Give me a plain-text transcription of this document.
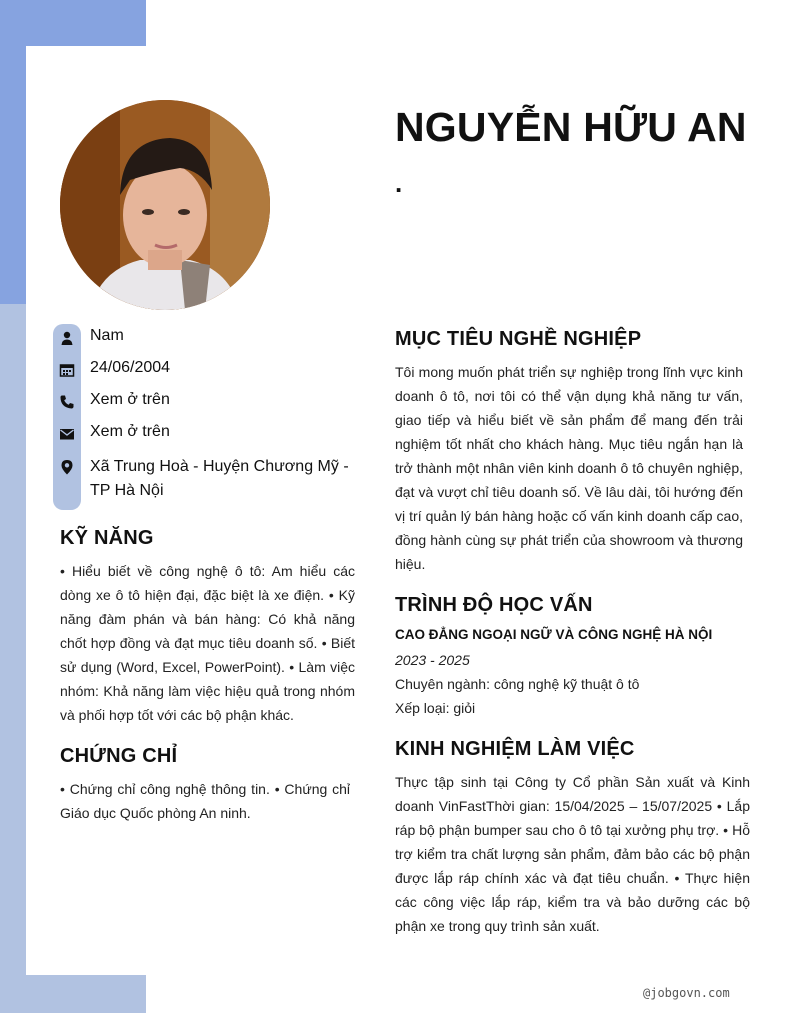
NGUYỄN HỮU AN
.
Nam
24/06/2004
Xem ở trên
Xem ở trên
Xã Trung Hoà - Huyện Chương Mỹ -
TP Hà Nội
KỸ NĂNG
• Hiểu biết về công nghệ ô tô: Am hiểu các dòng xe ô tô hiện đại, đặc biệt là xe điện. • Kỹ năng đàm phán và bán hàng: Có khả năng chốt hợp đồng và đạt mục tiêu doanh số. • Biết sử dụng (Word, Excel, PowerPoint). • Làm việc nhóm: Khả năng làm việc hiệu quả trong nhóm và phối hợp tốt với các bộ phận khác.
CHỨNG CHỈ
• Chứng chỉ công nghệ thông tin. • Chứng chỉ Giáo dục Quốc phòng An ninh.
MỤC TIÊU NGHỀ NGHIỆP
Tôi mong muốn phát triển sự nghiệp trong lĩnh vực kinh doanh ô tô, nơi tôi có thể vận dụng khả năng tư vấn, giao tiếp và hiểu biết về sản phẩm để mang đến trải nghiệm tốt nhất cho khách hàng. Mục tiêu ngắn hạn là trở thành một nhân viên kinh doanh ô tô chuyên nghiệp, đạt và vượt chỉ tiêu doanh số. Về lâu dài, tôi hướng đến vị trí quản lý bán hàng hoặc cố vấn kinh doanh cấp cao, đồng hành cùng sự phát triển của showroom và thương hiệu.
TRÌNH ĐỘ HỌC VẤN
CAO ĐẲNG NGOẠI NGỮ VÀ CÔNG NGHỆ HÀ NỘI
2023 - 2025
Chuyên ngành: công nghệ kỹ thuật ô tô
Xếp loại: giỏi
KINH NGHIỆM LÀM VIỆC
Thực tập sinh tại Công ty Cổ phần Sản xuất và Kinh doanh VinFastThời gian: 15/04/2025 – 15/07/2025 • Lắp ráp bộ phận bumper sau cho ô tô tại xưởng phụ trợ. • Hỗ trợ kiểm tra chất lượng sản phẩm, đảm bảo các bộ phận được lắp ráp chính xác và đạt tiêu chuẩn. • Thực hiện các công việc lắp ráp, kiểm tra và bảo dưỡng các bộ phận xe trong quy trình sản xuất.
@jobgovn.com
